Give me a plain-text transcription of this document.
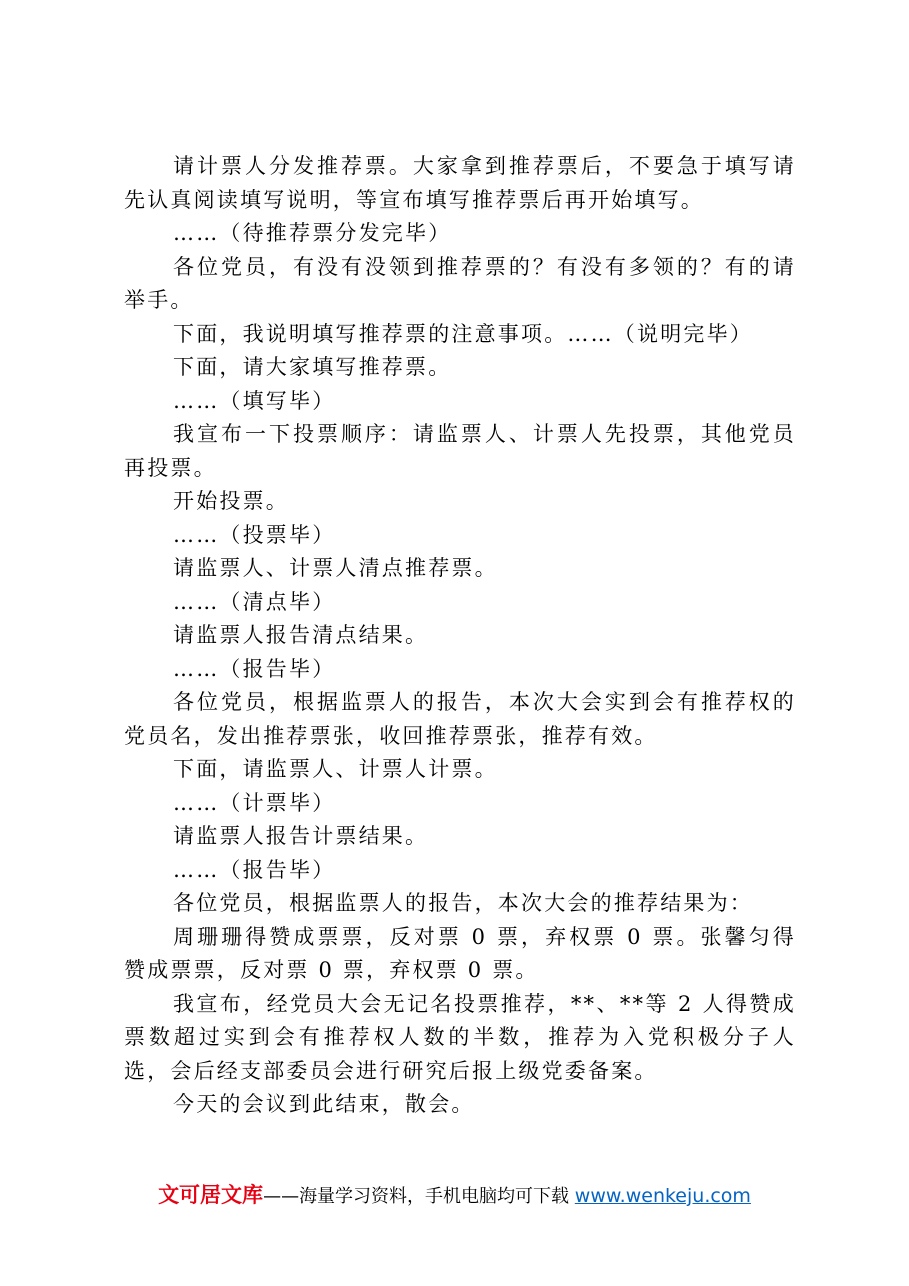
请计票人分发推荐票。大家拿到推荐票后，不要急于填写请先认真阅读填写说明，等宣布填写推荐票后再开始填写。

……（待推荐票分发完毕）

各位党员，有没有没领到推荐票的？有没有多领的？有的请举手。

下面，我说明填写推荐票的注意事项。……（说明完毕）

下面，请大家填写推荐票。

……（填写毕）

我宣布一下投票顺序：请监票人、计票人先投票，其他党员再投票。

开始投票。

……（投票毕）

请监票人、计票人清点推荐票。

……（清点毕）

请监票人报告清点结果。

……（报告毕）

各位党员，根据监票人的报告，本次大会实到会有推荐权的党员名，发出推荐票张，收回推荐票张，推荐有效。

下面，请监票人、计票人计票。

……（计票毕）

请监票人报告计票结果。

……（报告毕）

各位党员，根据监票人的报告，本次大会的推荐结果为：

周珊珊得赞成票票，反对票 0 票，弃权票 0 票。张馨匀得赞成票票，反对票 0 票，弃权票 0 票。

我宣布，经党员大会无记名投票推荐，**、**等 2 人得赞成票数超过实到会有推荐权人数的半数，推荐为入党积极分子人选，会后经支部委员会进行研究后报上级党委备案。

今天的会议到此结束，散会。

文可居文库——海量学习资料，手机电脑均可下载 www.wenkeju.com
